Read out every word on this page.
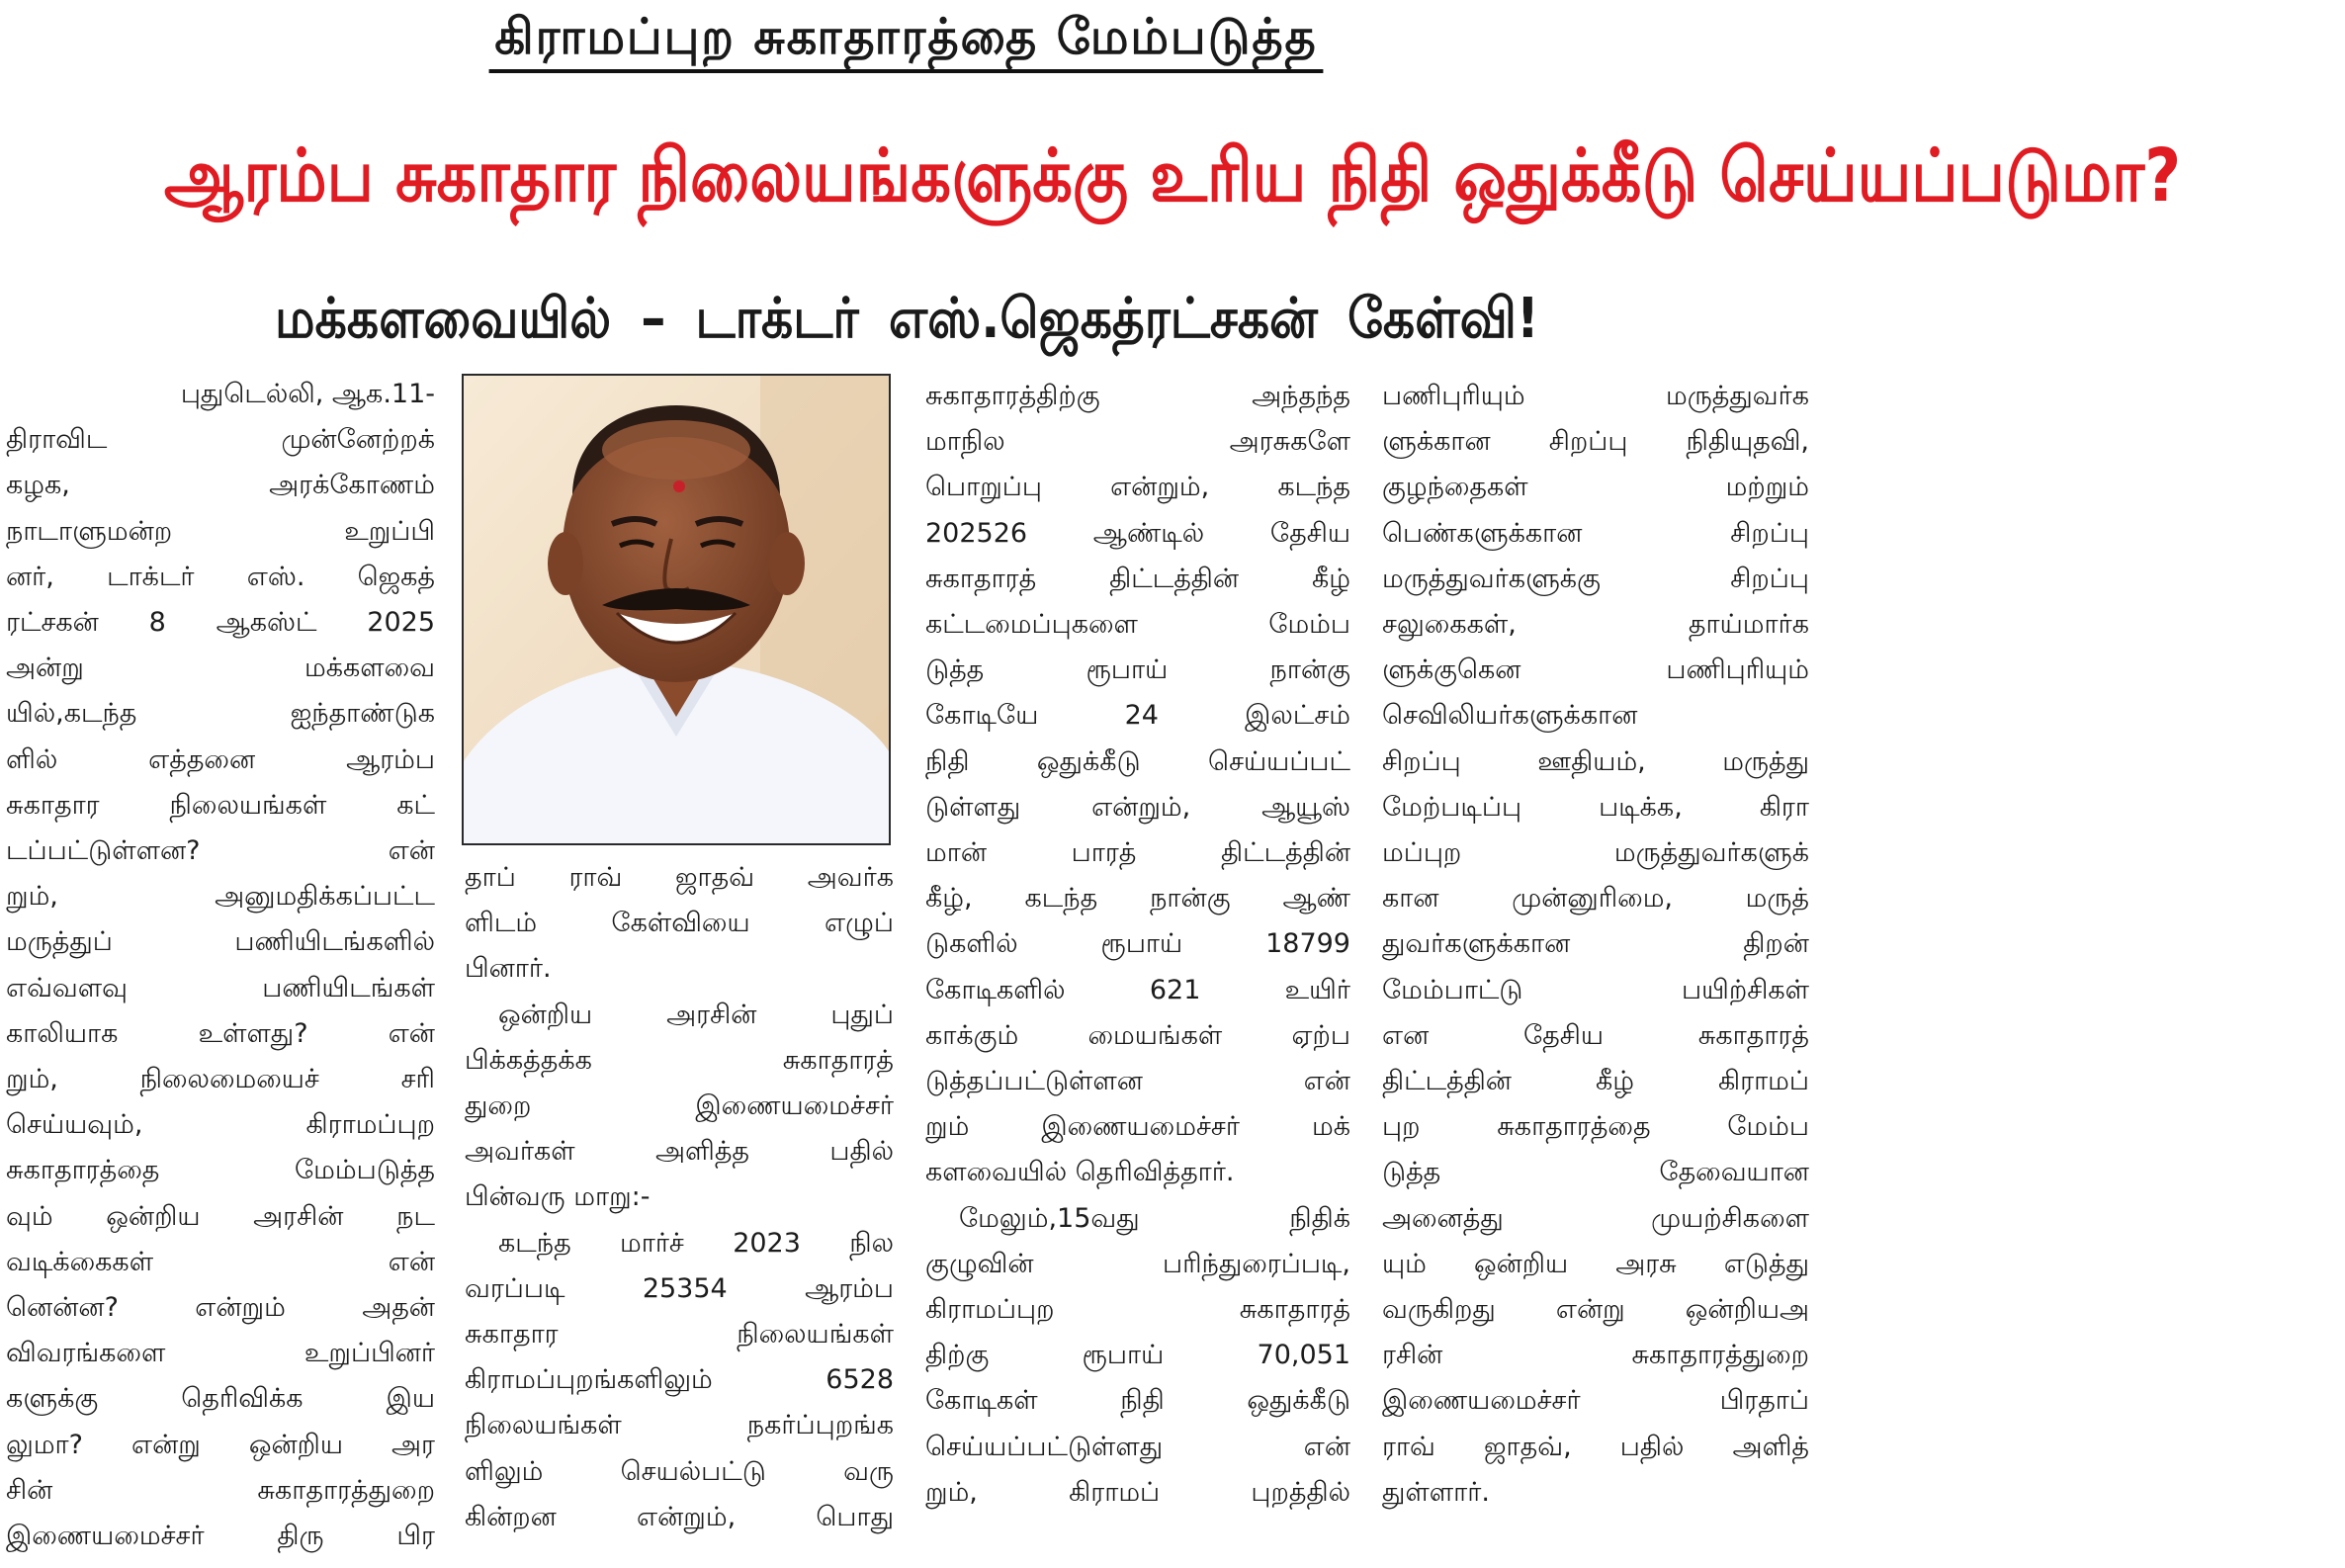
கிராமப்புற சுகாதாரத்தை மேம்படுத்த
ஆரம்ப சுகாதார நிலையங்களுக்கு உரிய நிதி ஒதுக்கீடு செய்யப்படுமா?
மக்களவையில் – டாக்டர் எஸ்.ஜெகத்ரட்சகன் கேள்வி!

புதுடெல்லி, ஆக.11-

திராவிட முன்னேற்றக்

கழக, அரக்கோணம்

நாடாளுமன்ற உறுப்பி

னர், டாக்டர் எஸ். ஜெகத்

ரட்சகன் 8 ஆகஸ்ட் 2025

அன்று மக்களவை

யில்,கடந்த ஐந்தாண்டுக

ளில் எத்தனை ஆரம்ப

சுகாதார நிலையங்கள் கட்

டப்பட்டுள்ளன? என்

றும், அனுமதிக்கப்பட்ட

மருத்துப் பணியிடங்களில்

எவ்வளவு பணியிடங்கள்

காலியாக உள்ளது? என்

றும், நிலைமையைச் சரி

செய்யவும், கிராமப்புற

சுகாதாரத்தை மேம்படுத்த

வும் ஒன்றிய அரசின் நட

வடிக்கைகள் என்

னென்ன? என்றும் அதன்

விவரங்களை உறுப்பினர்

களுக்கு தெரிவிக்க இய

லுமா? என்று ஒன்றிய அர

சின் சுகாதாரத்துறை

இணையமைச்சர் திரு பிர

தாப் ராவ் ஜாதவ் அவர்க

ளிடம் கேள்வியை எழுப்

பினார்.

ஒன்றிய அரசின் புதுப்

பிக்கத்தக்க சுகாதாரத்

துறை இணையமைச்சர்

அவர்கள் அளித்த பதில்

பின்வரு மாறு:-

கடந்த மார்ச் 2023 நில

வரப்படி 25354 ஆரம்ப

சுகாதார நிலையங்கள்

கிராமப்புறங்களிலும் 6528

நிலையங்கள் நகர்ப்புறங்க

ளிலும் செயல்பட்டு வரு

கின்றன என்றும், பொது

சுகாதாரத்திற்கு அந்தந்த

மாநில அரசுகளே

பொறுப்பு என்றும், கடந்த

202526 ஆண்டில் தேசிய

சுகாதாரத் திட்டத்தின் கீழ்

கட்டமைப்புகளை மேம்ப

டுத்த ரூபாய் நான்கு

கோடியே 24 இலட்சம்

நிதி ஒதுக்கீடு செய்யப்பட்

டுள்ளது என்றும், ஆயூஸ்

மான் பாரத் திட்டத்தின்

கீழ், கடந்த நான்கு ஆண்

டுகளில் ரூபாய் 18799

கோடிகளில் 621 உயிர்

காக்கும் மையங்கள் ஏற்ப

டுத்தப்பட்டுள்ளன என்

றும் இணையமைச்சர் மக்

களவையில் தெரிவித்தார்.

மேலும்,15வது நிதிக்

குழுவின் பரிந்துரைப்படி,

கிராமப்புற சுகாதாரத்

திற்கு ரூபாய் 70,051

கோடிகள் நிதி ஒதுக்கீடு

செய்யப்பட்டுள்ளது என்

றும், கிராமப் புறத்தில்

பணிபுரியும் மருத்துவர்க

ளுக்கான சிறப்பு நிதியுதவி,

குழந்தைகள் மற்றும்

பெண்களுக்கான சிறப்பு

மருத்துவர்களுக்கு சிறப்பு

சலுகைகள், தாய்மார்க

ளுக்குகென பணிபுரியும்

செவிலியர்களுக்கான

சிறப்பு ஊதியம், மருத்து

மேற்படிப்பு படிக்க, கிரா

மப்புற மருத்துவர்களுக்

கான முன்னுரிமை, மருத்

துவர்களுக்கான திறன்

மேம்பாட்டு பயிற்சிகள்

என தேசிய சுகாதாரத்

திட்டத்தின் கீழ் கிராமப்

புற சுகாதாரத்தை மேம்ப

டுத்த தேவையான

அனைத்து முயற்சிகளை

யும் ஒன்றிய அரசு எடுத்து

வருகிறது என்று ஒன்றியஅ

ரசின் சுகாதாரத்துறை

இணையமைச்சர் பிரதாப்

ராவ் ஜாதவ், பதில் அளித்

துள்ளார்.
